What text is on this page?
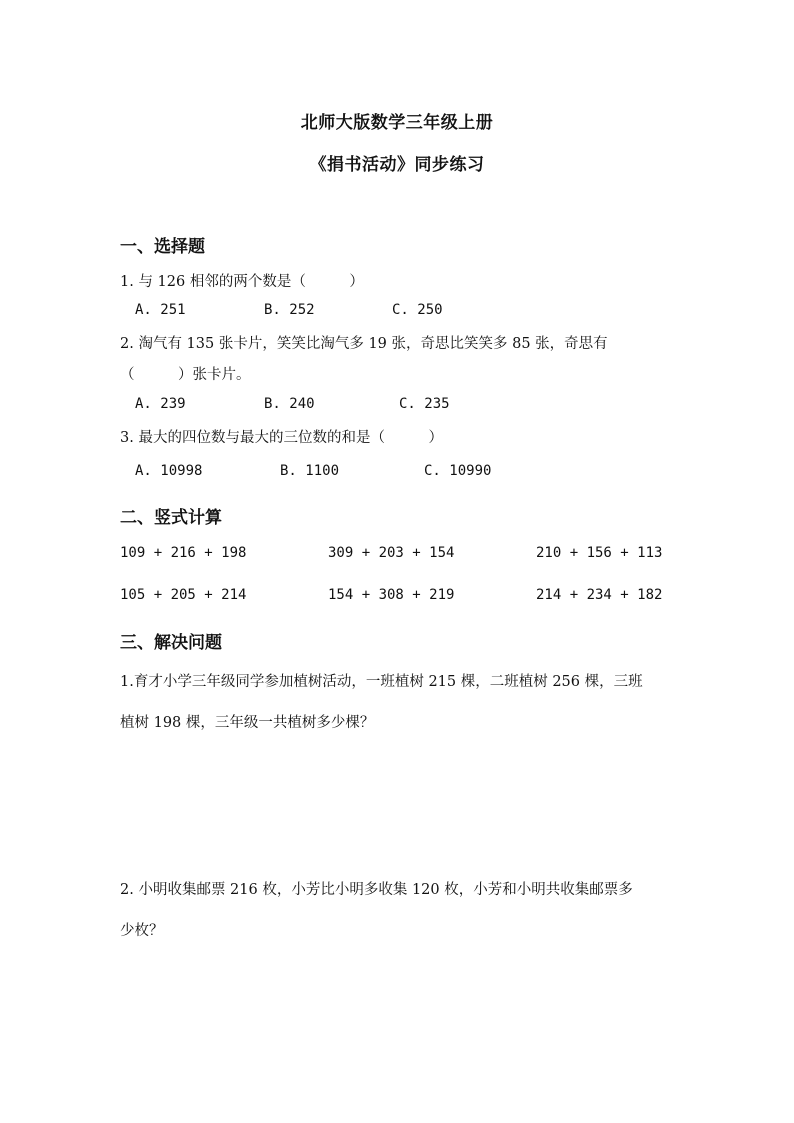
北师大版数学三年级上册
《捐书活动》同步练习
一、选择题
1. 与 126 相邻的两个数是（　　　）
A. 251	B. 252	C. 250
2. 淘气有 135 张卡片，笑笑比淘气多 19 张，奇思比笑笑多 85 张，奇思有
（　　　）张卡片。
A. 239	B. 240	C. 235
3. 最大的四位数与最大的三位数的和是（　　　）
A. 10998	B. 1100	C. 10990
二、竖式计算
109 + 216 + 198	309 + 203 + 154	210 + 156 + 113
105 + 205 + 214	154 + 308 + 219	214 + 234 + 182
三、解决问题
1.育才小学三年级同学参加植树活动，一班植树 215 棵，二班植树 256 棵，三班
植树 198 棵，三年级一共植树多少棵？
2. 小明收集邮票 216 枚，小芳比小明多收集 120 枚，小芳和小明共收集邮票多
少枚？
